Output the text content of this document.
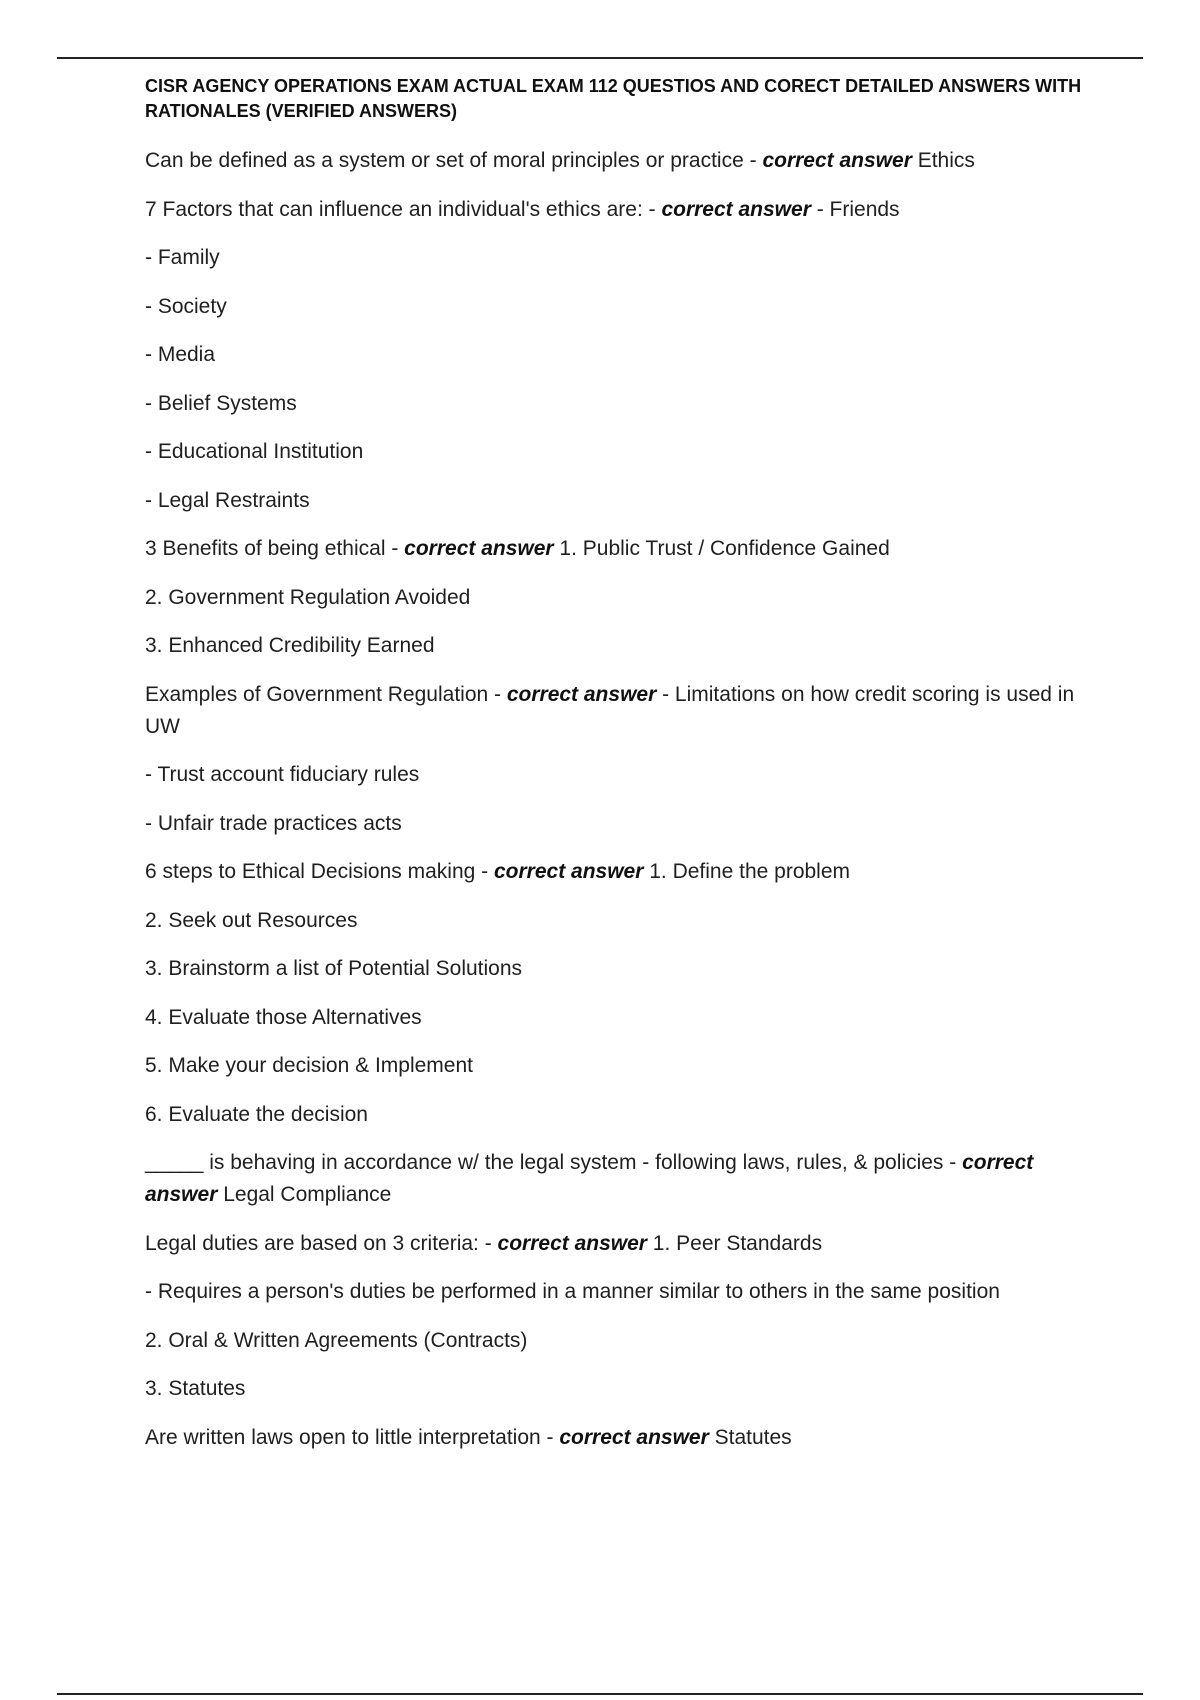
CISR AGENCY OPERATIONS EXAM ACTUAL EXAM 112 QUESTIOS AND CORECT DETAILED ANSWERS WITH RATIONALES (VERIFIED ANSWERS)
Can be defined as a system or set of moral principles or practice - correct answer Ethics
7 Factors that can influence an individual's ethics are: - correct answer - Friends
- Family
- Society
- Media
- Belief Systems
- Educational Institution
- Legal Restraints
3 Benefits of being ethical - correct answer 1. Public Trust / Confidence Gained
2. Government Regulation Avoided
3. Enhanced Credibility Earned
Examples of Government Regulation - correct answer - Limitations on how credit scoring is used in UW
- Trust account fiduciary rules
- Unfair trade practices acts
6 steps to Ethical Decisions making - correct answer 1. Define the problem
2. Seek out Resources
3. Brainstorm a list of Potential Solutions
4. Evaluate those Alternatives
5. Make your decision & Implement
6. Evaluate the decision
_____ is behaving in accordance w/ the legal system - following laws, rules, & policies - correct answer Legal Compliance
Legal duties are based on 3 criteria: - correct answer 1. Peer Standards
- Requires a person's duties be performed in a manner similar to others in the same position
2. Oral & Written Agreements (Contracts)
3. Statutes
Are written laws open to little interpretation - correct answer Statutes
